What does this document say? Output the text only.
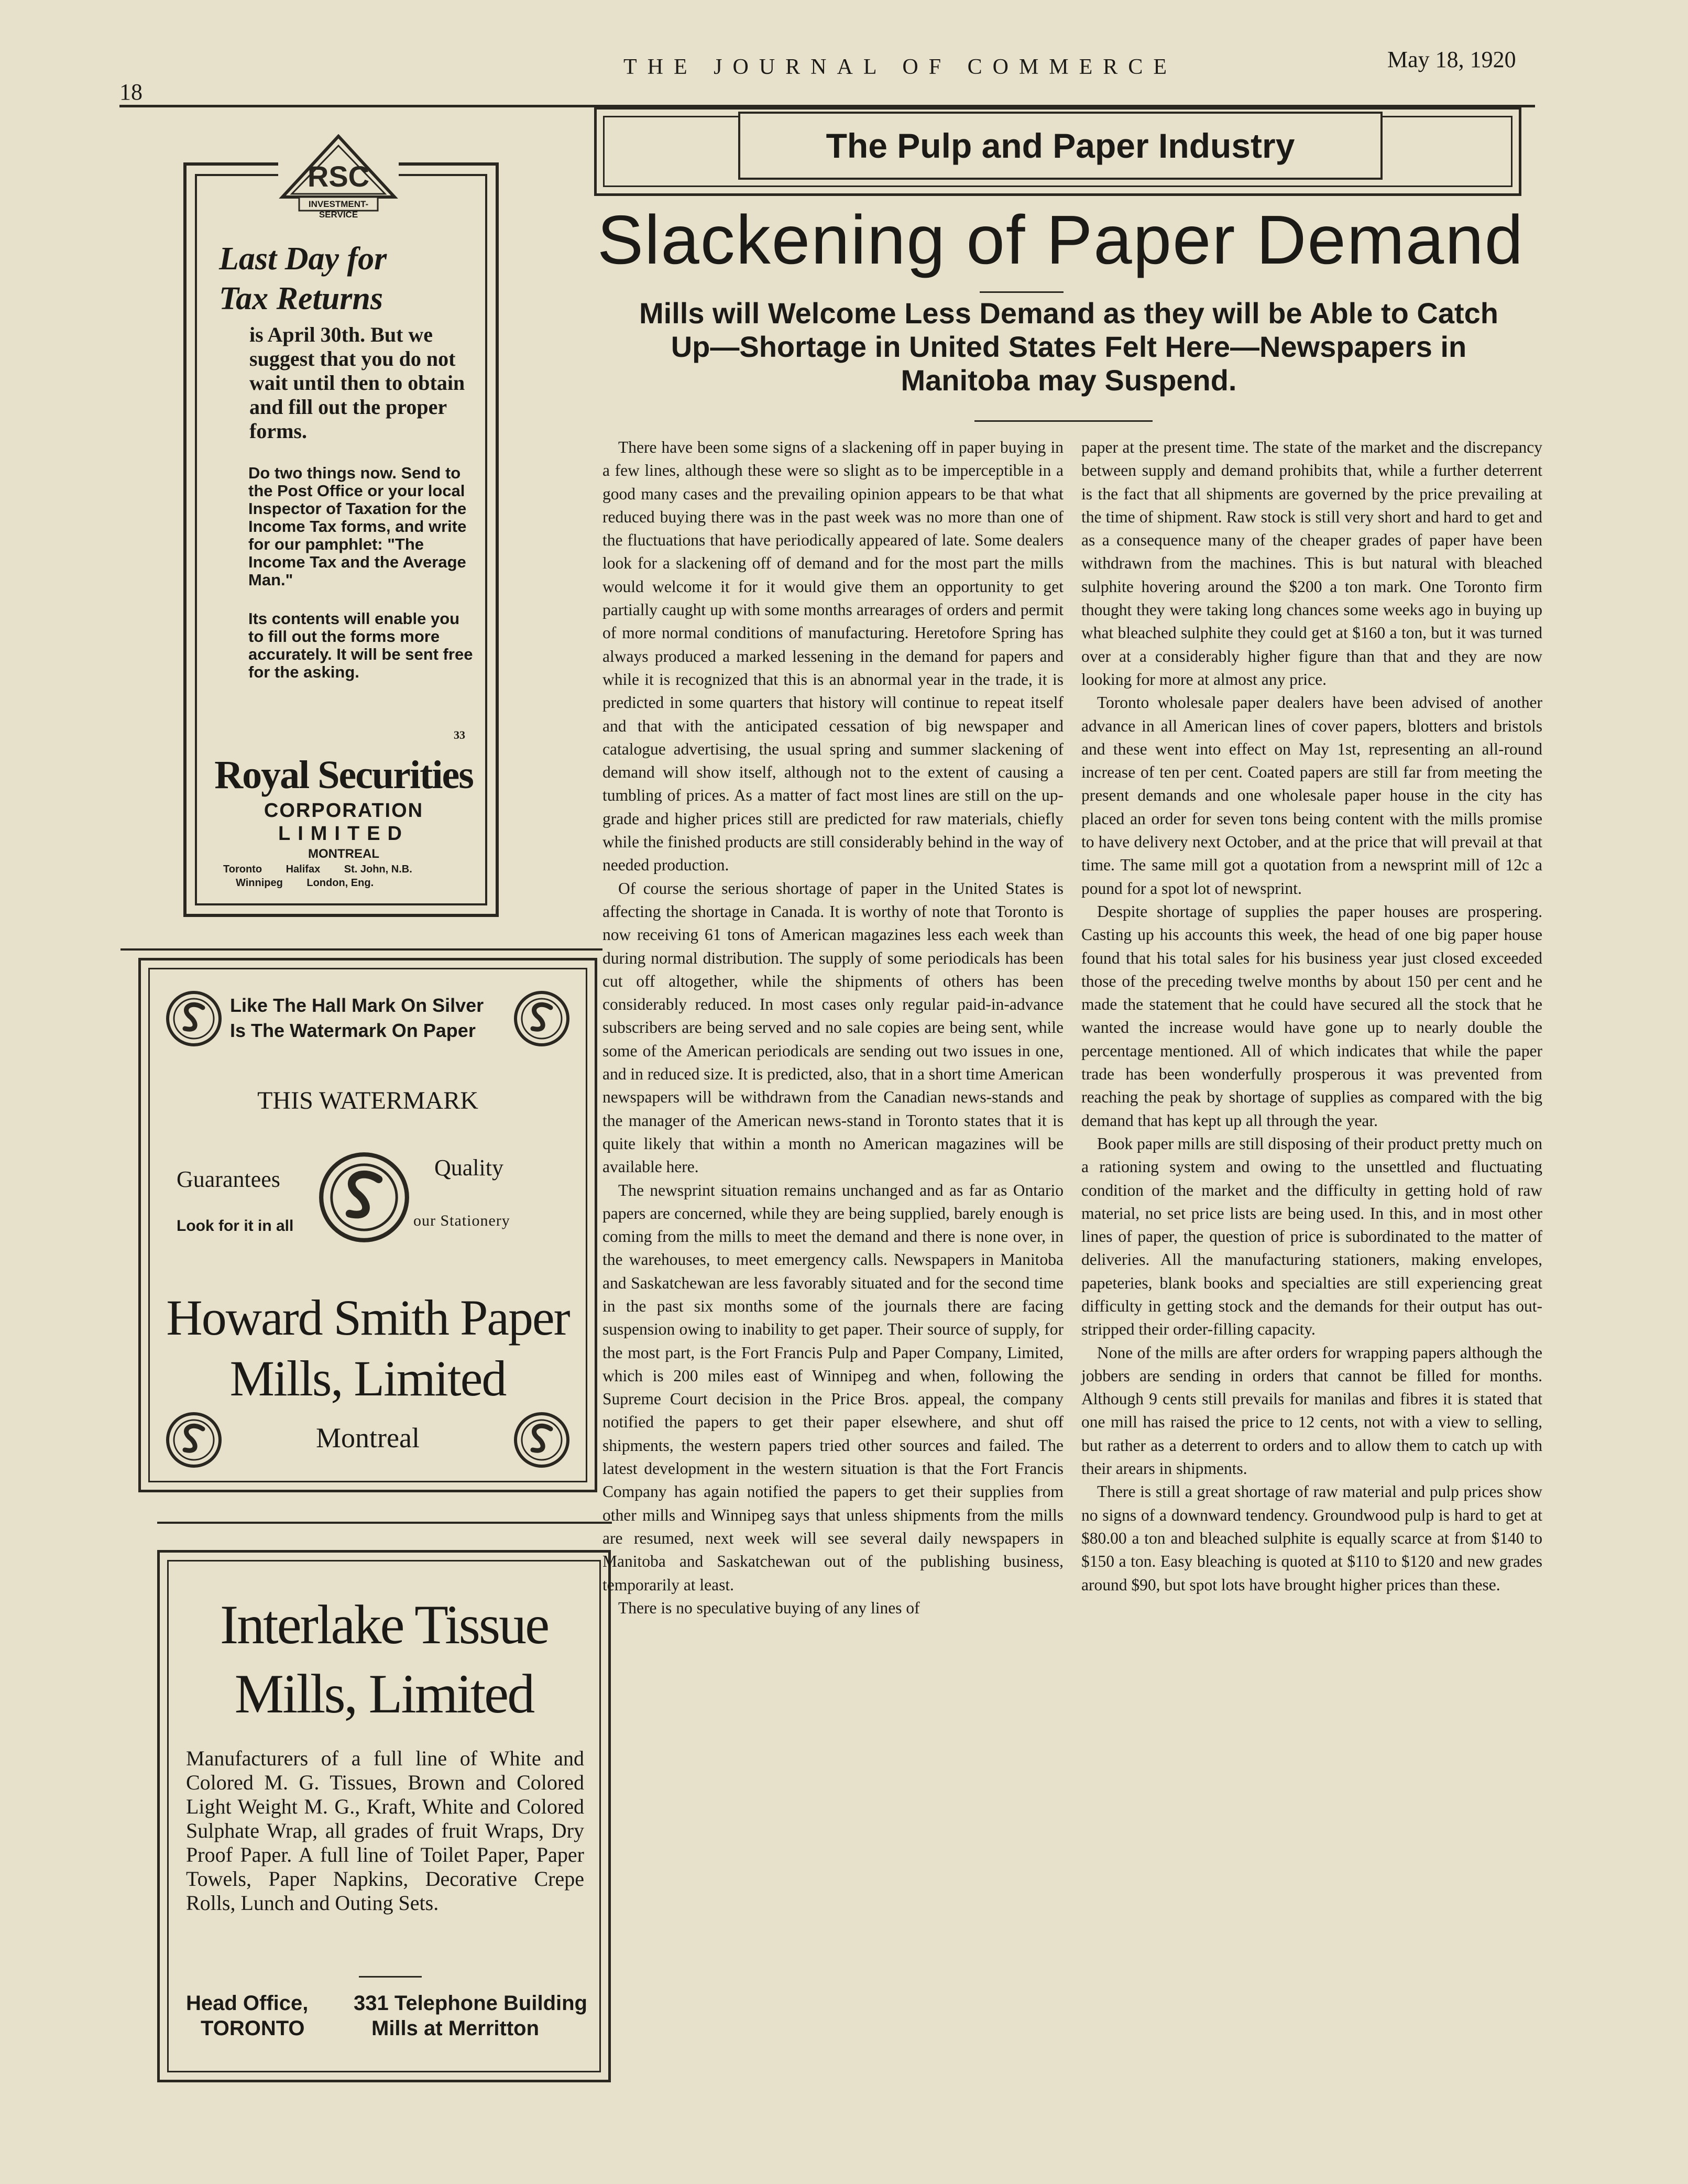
18
THE JOURNAL OF COMMERCE	May 18, 1920
RSC
INVESTMENT-SERVICE
Last Day for Tax Returns
is April 30th. But we suggest that you do not wait until then to obtain and fill out the proper forms.
Do two things now. Send to the Post Office or your local Inspector of Taxation for the Income Tax forms, and write for our pamphlet: "The Income Tax and the Average Man."
Its contents will enable you to fill out the forms more accurately. It will be sent free for the asking.
33
Royal Securities
CORPORATION
LIMITED
MONTREAL
Toronto Halifax St. John, N.B.
Winnipeg London, Eng.
Like The Hall Mark On Silver
Is The Watermark On Paper
THIS WATERMARK
Guarantees	Quality
Look for it in all	our Stationery
Howard Smith Paper
Mills, Limited
Montreal
Interlake Tissue
Mills, Limited
Manufacturers of a full line of White and Colored M. G. Tissues, Brown and Colored Light Weight M. G., Kraft, White and Colored Sulphate Wrap, all grades of fruit Wraps, Dry Proof Paper. A full line of Toilet Paper, Paper Towels, Paper Napkins, Decorative Crepe Rolls, Lunch and Outing Sets.
Head Office,
TORONTO
331 Telephone Building
Mills at Merritton
The Pulp and Paper Industry
Slackening of Paper Demand
Mills will Welcome Less Demand as they will be Able to Catch Up—Shortage in United States Felt Here—Newspapers in Manitoba may Suspend.

There have been some signs of a slackening off in paper buying in a few lines, although these were so slight as to be imperceptible in a good many cases and the prevailing opinion appears to be that what reduced buying there was in the past week was no more than one of the fluctuations that have periodically appeared of late. Some dealers look for a slackening off of demand and for the most part the mills would welcome it for it would give them an opportunity to get partially caught up with some months arrearages of orders and permit of more normal conditions of manufacturing. Heretofore Spring has always produced a marked lessening in the demand for papers and while it is recognized that this is an abnormal year in the trade, it is predicted in some quarters that history will continue to repeat itself and that with the anticipated cessation of big newspaper and catalogue advertising, the usual spring and summer slackening of demand will show itself, although not to the extent of causing a tumbling of prices. As a matter of fact most lines are still on the up-grade and higher prices still are predicted for raw materials, chiefly while the finished products are still considerably behind in the way of needed production.

Of course the serious shortage of paper in the United States is affecting the shortage in Canada. It is worthy of note that Toronto is now receiving 61 tons of American magazines less each week than during normal distribution. The supply of some periodicals has been cut off altogether, while the shipments of others has been considerably reduced. In most cases only regular paid-in-advance subscribers are being served and no sale copies are being sent, while some of the American periodicals are sending out two issues in one, and in reduced size. It is predicted, also, that in a short time American newspapers will be withdrawn from the Canadian news-stands and the manager of the American news-stand in Toronto states that it is quite likely that within a month no American magazines will be available here.

The newsprint situation remains unchanged and as far as Ontario papers are concerned, while they are being supplied, barely enough is coming from the mills to meet the demand and there is none over, in the warehouses, to meet emergency calls. Newspapers in Manitoba and Saskatchewan are less favorably situated and for the second time in the past six months some of the journals there are facing suspension owing to inability to get paper. Their source of supply, for the most part, is the Fort Francis Pulp and Paper Company, Limited, which is 200 miles east of Winnipeg and when, following the Supreme Court decision in the Price Bros. appeal, the company notified the papers to get their paper elsewhere, and shut off shipments, the western papers tried other sources and failed. The latest development in the western situation is that the Fort Francis Company has again notified the papers to get their supplies from other mills and Winnipeg says that unless shipments from the mills are resumed, next week will see several daily newspapers in Manitoba and Saskatchewan out of the publishing business, temporarily at least.

There is no speculative buying of any lines of

paper at the present time. The state of the market and the discrepancy between supply and demand prohibits that, while a further deterrent is the fact that all shipments are governed by the price prevailing at the time of shipment. Raw stock is still very short and hard to get and as a consequence many of the cheaper grades of paper have been withdrawn from the machines. This is but natural with bleached sulphite hovering around the $200 a ton mark. One Toronto firm thought they were taking long chances some weeks ago in buying up what bleached sulphite they could get at $160 a ton, but it was turned over at a considerably higher figure than that and they are now looking for more at almost any price.

Toronto wholesale paper dealers have been advised of another advance in all American lines of cover papers, blotters and bristols and these went into effect on May 1st, representing an all-round increase of ten per cent. Coated papers are still far from meeting the present demands and one wholesale paper house in the city has placed an order for seven tons being content with the mills promise to have delivery next October, and at the price that will prevail at that time. The same mill got a quotation from a newsprint mill of 12c a pound for a spot lot of newsprint.

Despite shortage of supplies the paper houses are prospering. Casting up his accounts this week, the head of one big paper house found that his total sales for his business year just closed exceeded those of the preceding twelve months by about 150 per cent and he made the statement that he could have secured all the stock that he wanted the increase would have gone up to nearly double the percentage mentioned. All of which indicates that while the paper trade has been wonderfully prosperous it was prevented from reaching the peak by shortage of supplies as compared with the big demand that has kept up all through the year.

Book paper mills are still disposing of their product pretty much on a rationing system and owing to the unsettled and fluctuating condition of the market and the difficulty in getting hold of raw material, no set price lists are being used. In this, and in most other lines of paper, the question of price is subordinated to the matter of deliveries. All the manufacturing stationers, making envelopes, papeteries, blank books and specialties are still experiencing great difficulty in getting stock and the demands for their output has out-stripped their order-filling capacity.

None of the mills are after orders for wrapping papers although the jobbers are sending in orders that cannot be filled for months. Although 9 cents still prevails for manilas and fibres it is stated that one mill has raised the price to 12 cents, not with a view to selling, but rather as a deterrent to orders and to allow them to catch up with their arears in shipments.

There is still a great shortage of raw material and pulp prices show no signs of a downward tendency. Groundwood pulp is hard to get at $80.00 a ton and bleached sulphite is equally scarce at from $140 to $150 a ton. Easy bleaching is quoted at $110 to $120 and new grades around $90, but spot lots have brought higher prices than these.
